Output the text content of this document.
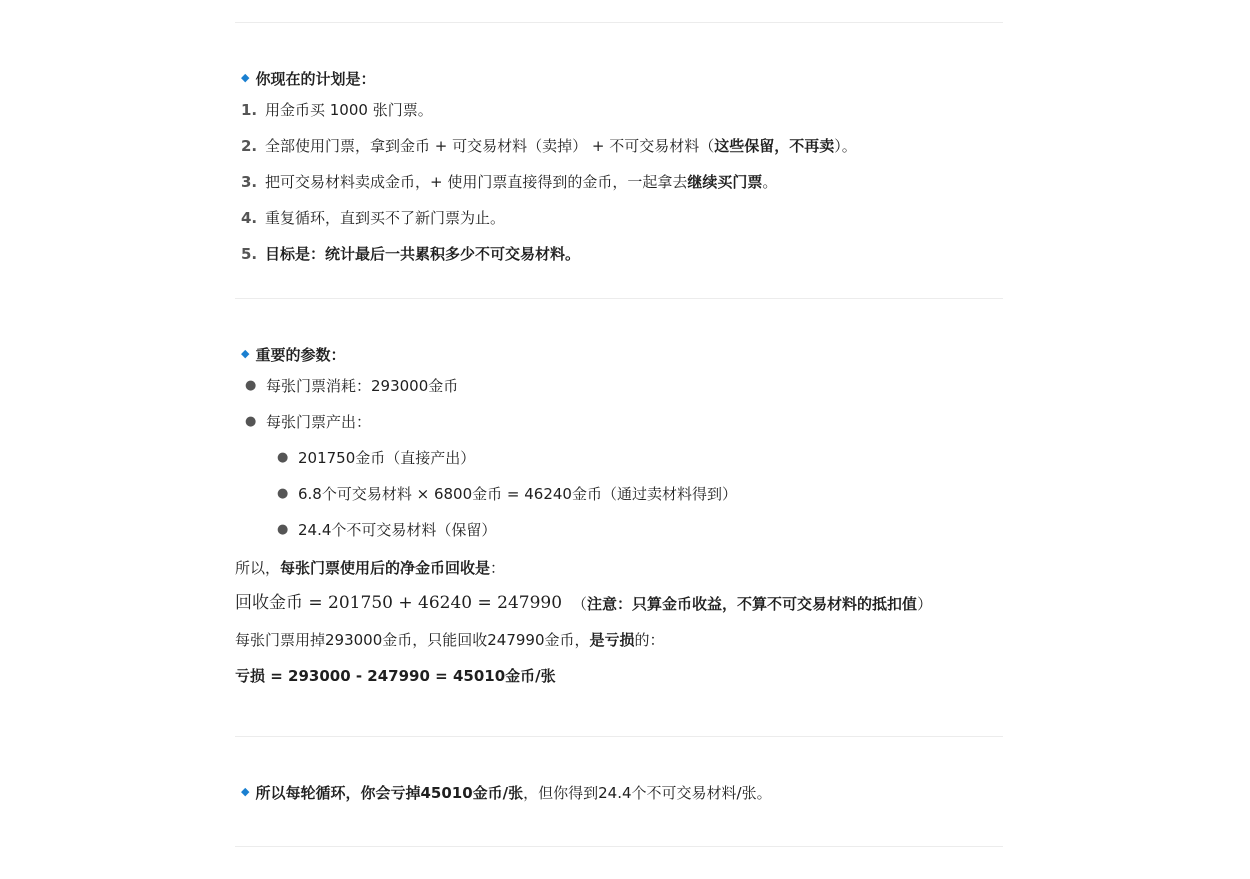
◆ 你现在的计划是：
1. 用金币买 1000 张门票。
2. 全部使用门票，拿到金币 + 可交易材料（卖掉） + 不可交易材料（这些保留，不再卖）。
3. 把可交易材料卖成金币，+ 使用门票直接得到的金币，一起拿去继续买门票。
4. 重复循环，直到买不了新门票为止。
5. 目标是：统计最后一共累积多少不可交易材料。
◆ 重要的参数：
● 每张门票消耗：293000金币
● 每张门票产出：
● 201750金币（直接产出）
● 6.8个可交易材料 × 6800金币 = 46240金币（通过卖材料得到）
● 24.4个不可交易材料（保留）
所以， 每张门票使用后的净金币回收是 ：
回收金币 = 201750 + 46240 = 247990 （ 注意：只算金币收益，不算不可交易材料的抵扣值 ）
每张门票用掉293000金币，只能回收247990金币， 是亏损 的：
亏损 = 293000 - 247990 = 45010金币/张
◆ 所以每轮循环，你会亏掉45010金币/张 ，但你得到24.4个不可交易材料/张。
